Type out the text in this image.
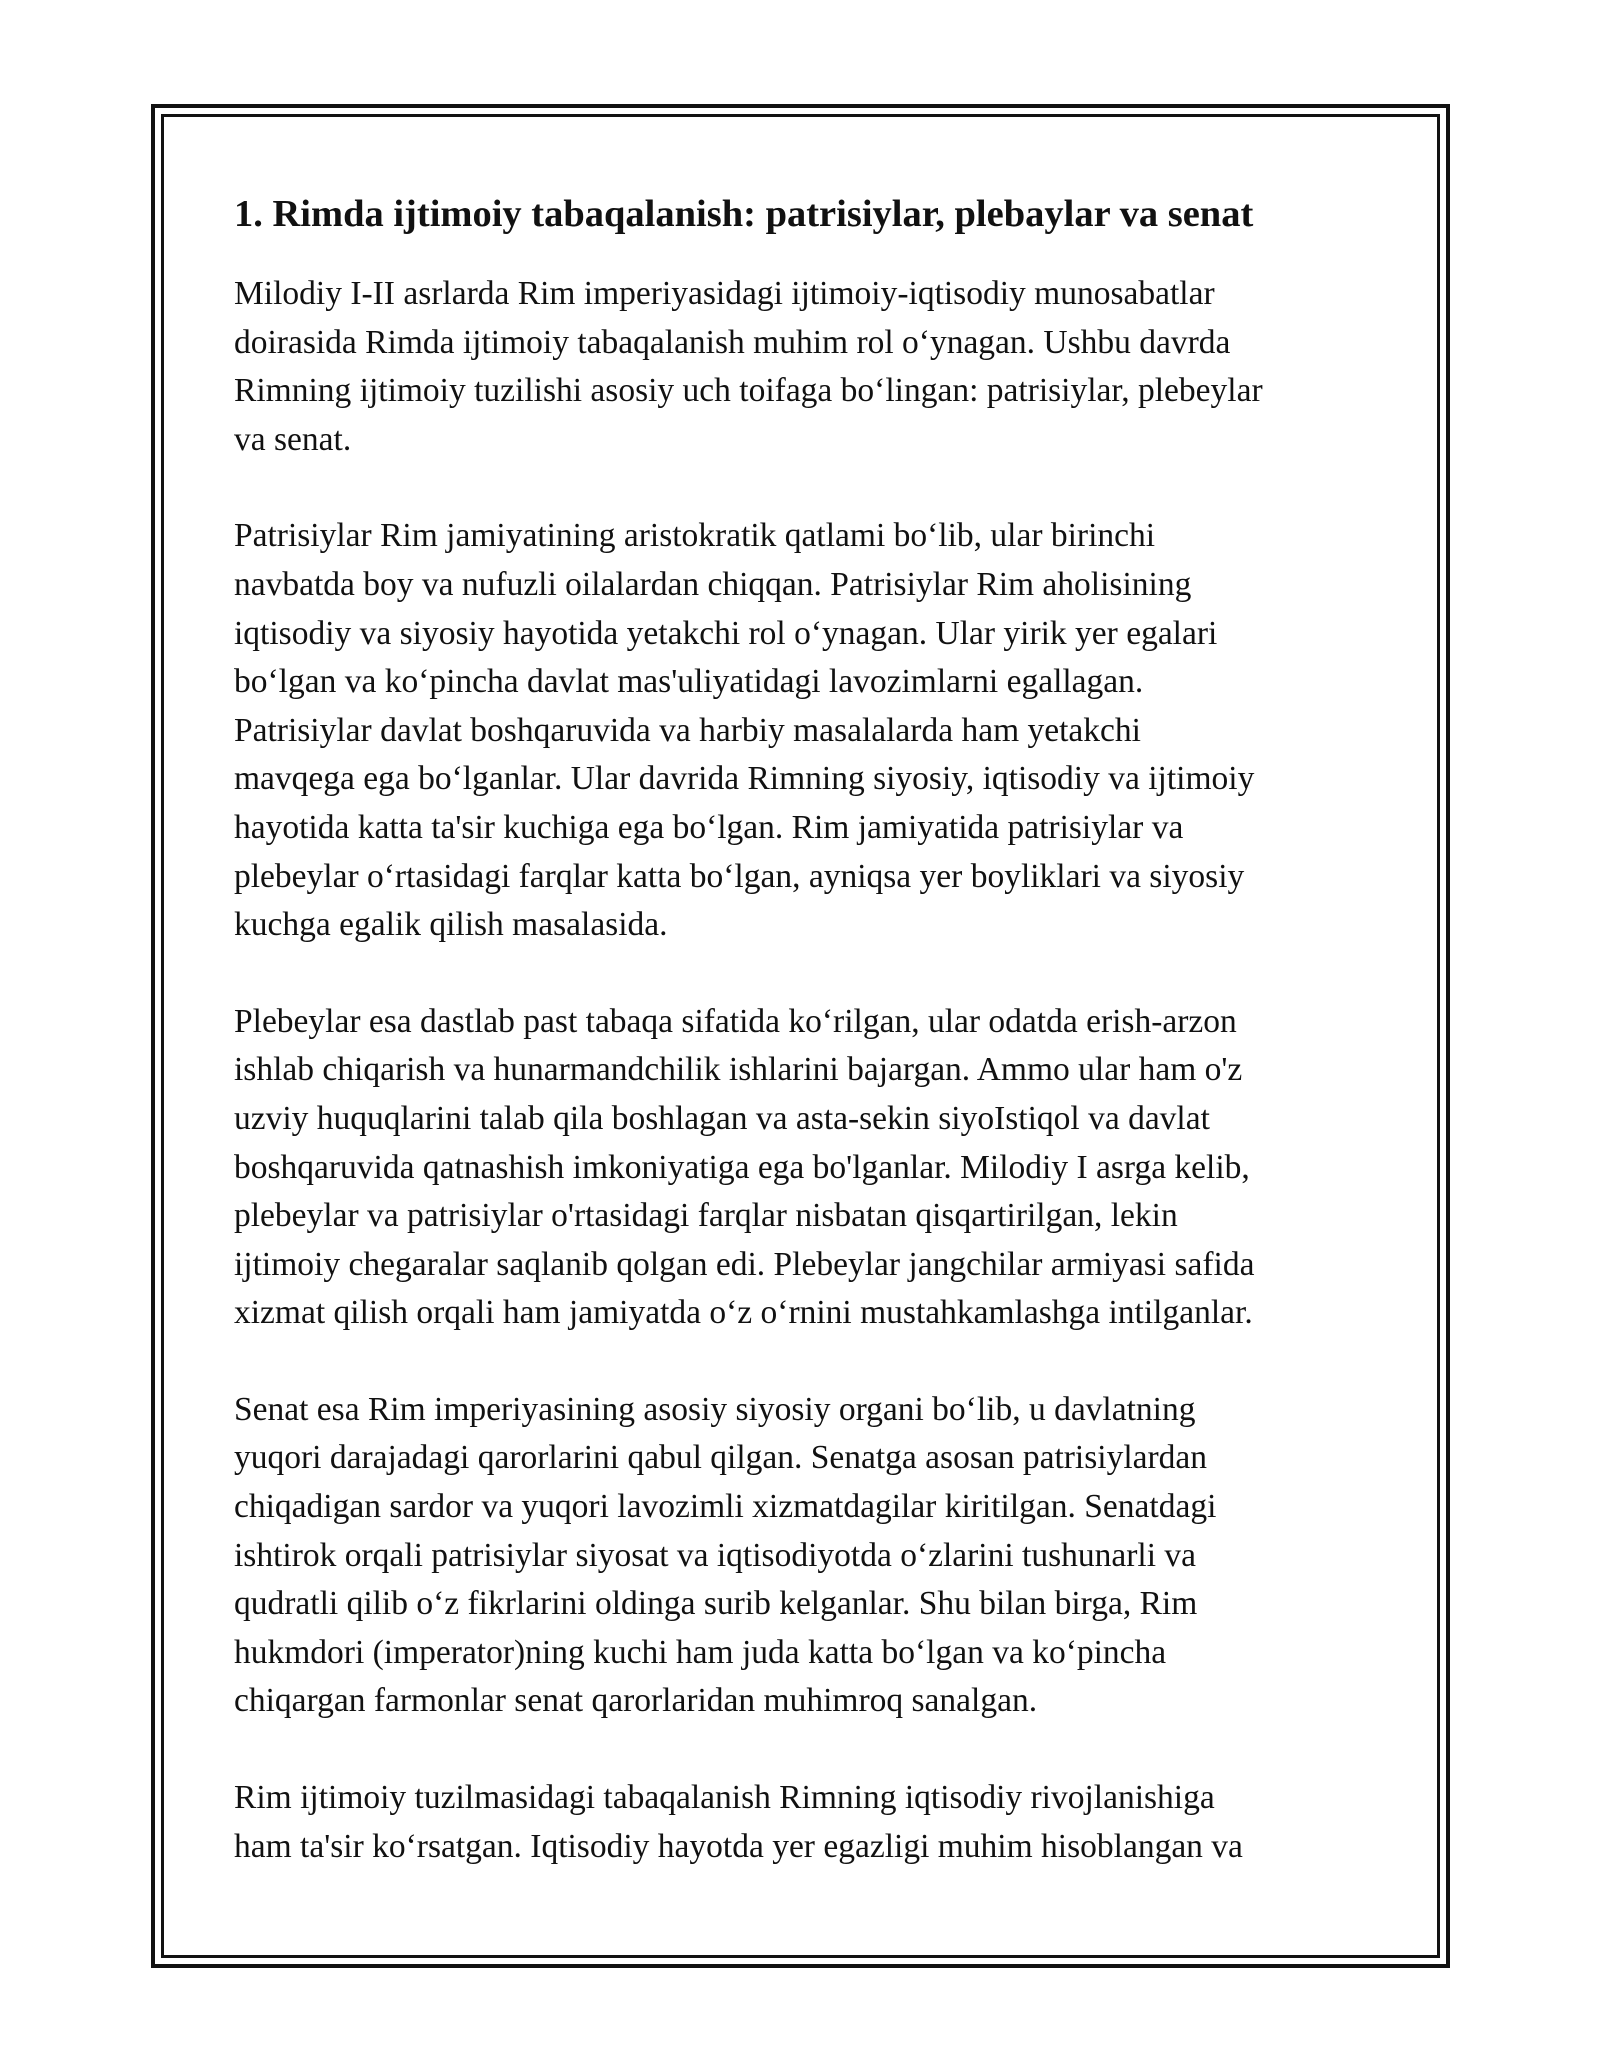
1. Rimda ijtimoiy tabaqalanish: patrisiylar, plebaylar va senat

Milodiy I-II asrlarda Rim imperiyasidagi ijtimoiy-iqtisodiy munosabatlar
doirasida Rimda ijtimoiy tabaqalanish muhim rol o‘ynagan. Ushbu davrda
Rimning ijtimoiy tuzilishi asosiy uch toifaga bo‘lingan: patrisiylar, plebeylar
va senat.

Patrisiylar Rim jamiyatining aristokratik qatlami bo‘lib, ular birinchi
navbatda boy va nufuzli oilalardan chiqqan. Patrisiylar Rim aholisining
iqtisodiy va siyosiy hayotida yetakchi rol o‘ynagan. Ular yirik yer egalari
bo‘lgan va ko‘pincha davlat mas'uliyatidagi lavozimlarni egallagan.
Patrisiylar davlat boshqaruvida va harbiy masalalarda ham yetakchi
mavqega ega bo‘lganlar. Ular davrida Rimning siyosiy, iqtisodiy va ijtimoiy
hayotida katta ta'sir kuchiga ega bo‘lgan. Rim jamiyatida patrisiylar va
plebeylar o‘rtasidagi farqlar katta bo‘lgan, ayniqsa yer boyliklari va siyosiy
kuchga egalik qilish masalasida.

Plebeylar esa dastlab past tabaqa sifatida ko‘rilgan, ular odatda erish-arzon
ishlab chiqarish va hunarmandchilik ishlarini bajargan. Ammo ular ham o'z
uzviy huquqlarini talab qila boshlagan va asta-sekin siyoIstiqol va davlat
boshqaruvida qatnashish imkoniyatiga ega bo'lganlar. Milodiy I asrga kelib,
plebeylar va patrisiylar o'rtasidagi farqlar nisbatan qisqartirilgan, lekin
ijtimoiy chegaralar saqlanib qolgan edi. Plebeylar jangchilar armiyasi safida
xizmat qilish orqali ham jamiyatda o‘z o‘rnini mustahkamlashga intilganlar.

Senat esa Rim imperiyasining asosiy siyosiy organi bo‘lib, u davlatning
yuqori darajadagi qarorlarini qabul qilgan. Senatga asosan patrisiylardan
chiqadigan sardor va yuqori lavozimli xizmatdagilar kiritilgan. Senatdagi
ishtirok orqali patrisiylar siyosat va iqtisodiyotda o‘zlarini tushunarli va
qudratli qilib o‘z fikrlarini oldinga surib kelganlar. Shu bilan birga, Rim
hukmdori (imperator)ning kuchi ham juda katta bo‘lgan va ko‘pincha
chiqargan farmonlar senat qarorlaridan muhimroq sanalgan.

Rim ijtimoiy tuzilmasidagi tabaqalanish Rimning iqtisodiy rivojlanishiga
ham ta'sir ko‘rsatgan. Iqtisodiy hayotda yer egazligi muhim hisoblangan va
